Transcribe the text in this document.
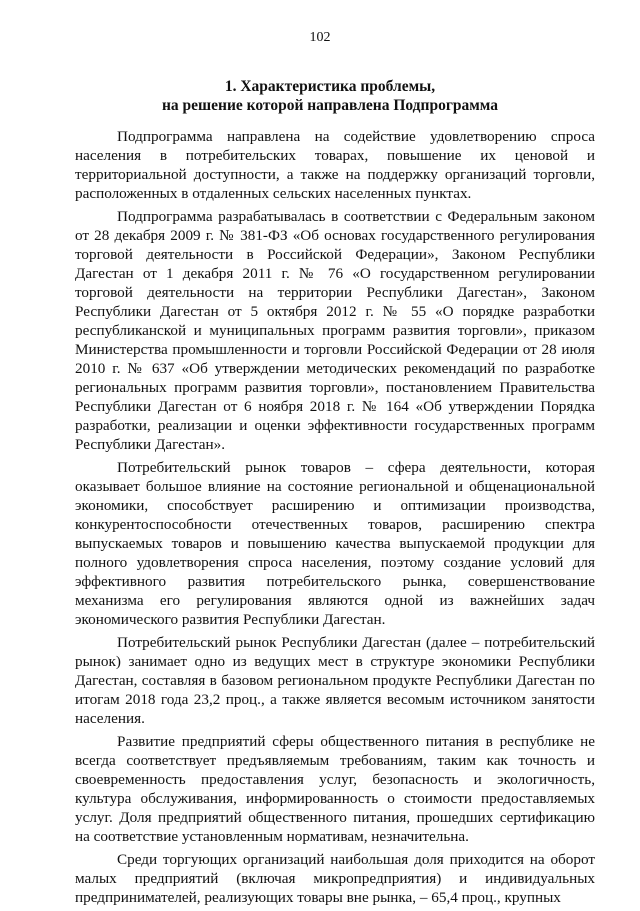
102
1. Характеристика проблемы,
на решение которой направлена Подпрограмма

Подпрограмма направлена на содействие удовлетворению спроса населения в потребительских товарах, повышение их ценовой и территориальной доступности, а также на поддержку организаций торговли, расположенных в отдаленных сельских населенных пунктах.

Подпрограмма разрабатывалась в соответствии с Федеральным законом от 28 декабря 2009 г. № 381-ФЗ «Об основах государственного регулирования торговой деятельности в Российской Федерации», Законом Республики Дагестан от 1 декабря 2011 г. № 76 «О государственном регулировании торговой деятельности на территории Республики Дагестан», Законом Республики Дагестан от 5 октября 2012 г. № 55 «О порядке разработки республиканской и муниципальных программ развития торговли», приказом Министерства промышленности и торговли Российской Федерации от 28 июля 2010 г. № 637 «Об утверждении методических рекомендаций по разработке региональных программ развития торговли», постановлением Правительства Республики Дагестан от 6 ноября 2018 г. № 164 «Об утверждении Порядка разработки, реализации и оценки эффективности государственных программ Республики Дагестан».

Потребительский рынок товаров – сфера деятельности, которая оказывает большое влияние на состояние региональной и общенациональной экономики, способствует расширению и оптимизации производства, конкурентоспособности отечественных товаров, расширению спектра выпускаемых товаров и повышению качества выпускаемой продукции для полного удовлетворения спроса населения, поэтому создание условий для эффективного развития потребительского рынка, совершенствование механизма его регулирования являются одной из важнейших задач экономического развития Республики Дагестан.

Потребительский рынок Республики Дагестан (далее – потребительский рынок) занимает одно из ведущих мест в структуре экономики Республики Дагестан, составляя в базовом региональном продукте Республики Дагестан по итогам 2018 года 23,2 проц., а также является весомым источником занятости населения.

Развитие предприятий сферы общественного питания в республике не всегда соответствует предъявляемым требованиям, таким как точность и своевременность предоставления услуг, безопасность и экологичность, культура обслуживания, информированность о стоимости предоставляемых услуг. Доля предприятий общественного питания, прошедших сертификацию на соответствие установленным нормативам, незначительна.

Среди торгующих организаций наибольшая доля приходится на оборот малых предприятий (включая микропредприятия) и индивидуальных предпринимателей, реализующих товары вне рынка, – 65,4 проц., крупных
